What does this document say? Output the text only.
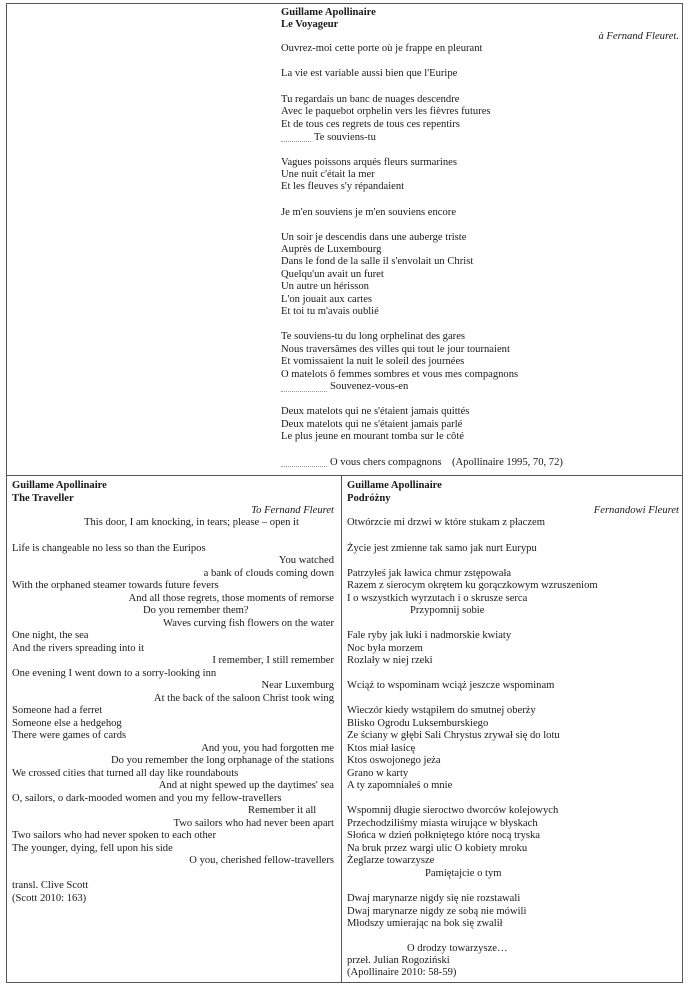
Guillame Apollinaire
Le Voyageur
à Fernand Fleuret.
Ouvrez-moi cette porte où je frappe en pleurant
La vie est variable aussi bien que l'Euripe
Tu regardais un banc de nuages descendre
Avec le paquebot orphelin vers les fièvres futures
Et de tous ces regrets de tous ces repentirs
Te souviens-tu
Vagues poissons arqués fleurs surmarines
Une nuit c'était la mer
Et les fleuves s'y répandaient
Je m'en souviens je m'en souviens encore
Un soir je descendis dans une auberge triste
Auprès de Luxembourg
Dans le fond de la salle il s'envolait un Christ
Quelqu'un avait un furet
Un autre un hérisson
L'on jouait aux cartes
Et toi tu m'avais oublié
Te souviens-tu du long orphelinat des gares
Nous traversâmes des villes qui tout le jour tournaient
Et vomissaient la nuit le soleil des journées
O matelots ô femmes sombres et vous mes compagnons
Souvenez-vous-en
Deux matelots qui ne s'étaient jamais quittés
Deux matelots qui ne s'étaient jamais parlé
Le plus jeune en mourant tomba sur le côté
O vous chers compagnons (Apollinaire 1995, 70, 72)
Guillame Apollinaire
The Traveller
To Fernand Fleuret
This door, I am knocking, in tears; please – open it
Life is changeable no less so than the Euripos
You watched
a bank of clouds coming down
With the orphaned steamer towards future fevers
And all those regrets, those moments of remorse
Do you remember them?
Waves curving fish flowers on the water
One night, the sea
And the rivers spreading into it
I remember, I still remember
One evening I went down to a sorry-looking inn
Near Luxemburg
At the back of the saloon Christ took wing
Someone had a ferret
Someone else a hedgehog
There were games of cards
And you, you had forgotten me
Do you remember the long orphanage of the stations
We crossed cities that turned all day like roundabouts
And at night spewed up the daytimes' sea
O, sailors, o dark-mooded women and you my fellow-travellers
Remember it all
Two sailors who had never been apart
Two sailors who had never spoken to each other
The younger, dying, fell upon his side
O you, cherished fellow-travellers
transl. Clive Scott
(Scott 2010: 163)
Guillame Apollinaire
Podróżny
Fernandowi Fleuret
Otwórzcie mi drzwi w które stukam z płaczem
Życie jest zmienne tak samo jak nurt Eurypu
Patrzyłeś jak ławica chmur zstępowała
Razem z sierocym okrętem ku gorączkowym wzruszeniom
I o wszystkich wyrzutach i o skrusze serca
Przypomnij sobie
Fale ryby jak łuki i nadmorskie kwiaty
Noc była morzem
Rozlały w niej rzeki
Wciąż to wspominam wciąż jeszcze wspominam
Wieczór kiedy wstąpiłem do smutnej oberży
Blisko Ogrodu Luksemburskiego
Ze ściany w głębi Sali Chrystus zrywał się do lotu
Ktos miał łasicę
Ktos oswojonego jeża
Grano w karty
A ty zapomniałeś o mnie
Wspomnij długie sieroctwo dworców kolejowych
Przechodziliśmy miasta wirujące w błyskach
Słońca w dzień połkniętego które nocą tryska
Na bruk przez wargi ulic O kobiety mroku
Żeglarze towarzysze
Pamiętajcie o tym
Dwaj marynarze nigdy się nie rozstawali
Dwaj marynarze nigdy ze sobą nie mówili
Młodszy umierając na bok się zwalił
O drodzy towarzysze…
przeł. Julian Rogoziński
(Apollinaire 2010: 58-59)
